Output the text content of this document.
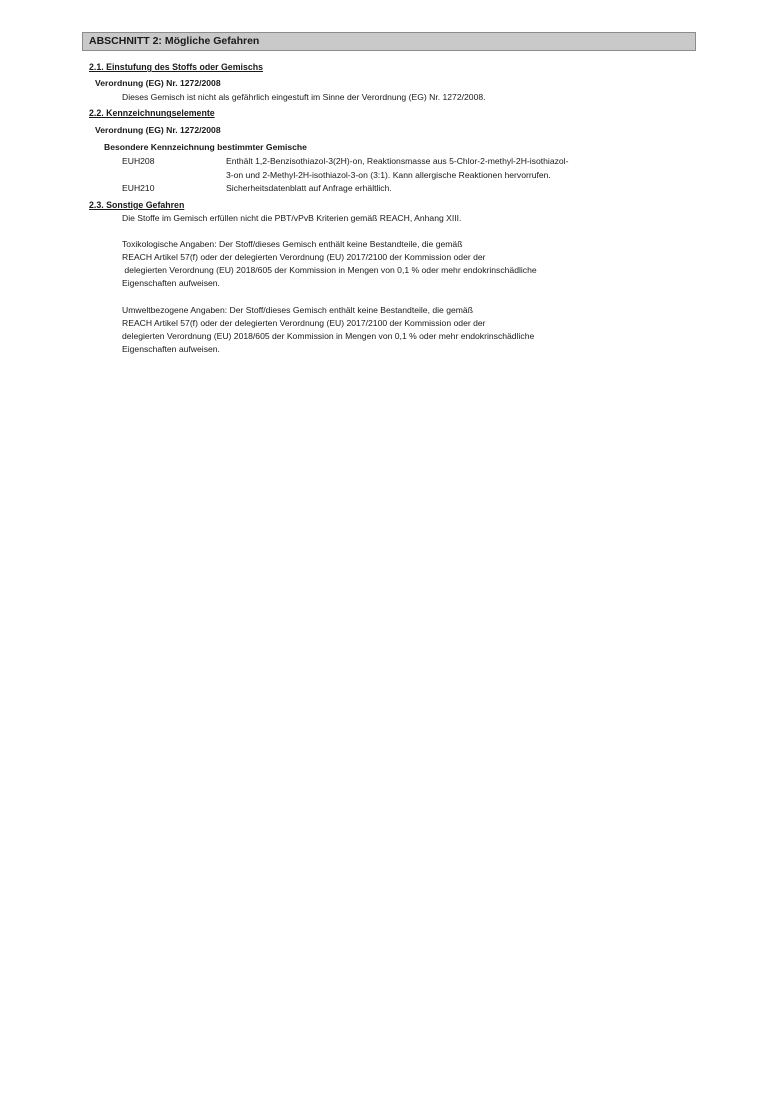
ABSCHNITT 2: Mögliche Gefahren
2.1. Einstufung des Stoffs oder Gemischs
Verordnung (EG) Nr. 1272/2008
Dieses Gemisch ist nicht als gefährlich eingestuft im Sinne der Verordnung (EG) Nr. 1272/2008.
2.2. Kennzeichnungselemente
Verordnung (EG) Nr. 1272/2008
Besondere Kennzeichnung bestimmter Gemische
EUH208	Enthält 1,2-Benzisothiazol-3(2H)-on, Reaktionsmasse aus 5-Chlor-2-methyl-2H-isothiazol-
3-on und 2-Methyl-2H-isothiazol-3-on (3:1). Kann allergische Reaktionen hervorrufen.
EUH210	Sicherheitsdatenblatt auf Anfrage erhältlich.
2.3. Sonstige Gefahren
Die Stoffe im Gemisch erfüllen nicht die PBT/vPvB Kriterien gemäß REACH, Anhang XIII.
Toxikologische Angaben: Der Stoff/dieses Gemisch enthält keine Bestandteile, die gemäß
REACH Artikel 57(f) oder der delegierten Verordnung (EU) 2017/2100 der Kommission oder der
delegierten Verordnung (EU) 2018/605 der Kommission in Mengen von 0,1 % oder mehr endokrinschädliche
Eigenschaften aufweisen.
Umweltbezogene Angaben: Der Stoff/dieses Gemisch enthält keine Bestandteile, die gemäß
REACH Artikel 57(f) oder der delegierten Verordnung (EU) 2017/2100 der Kommission oder der
delegierten Verordnung (EU) 2018/605 der Kommission in Mengen von 0,1 % oder mehr endokrinschädliche
Eigenschaften aufweisen.
